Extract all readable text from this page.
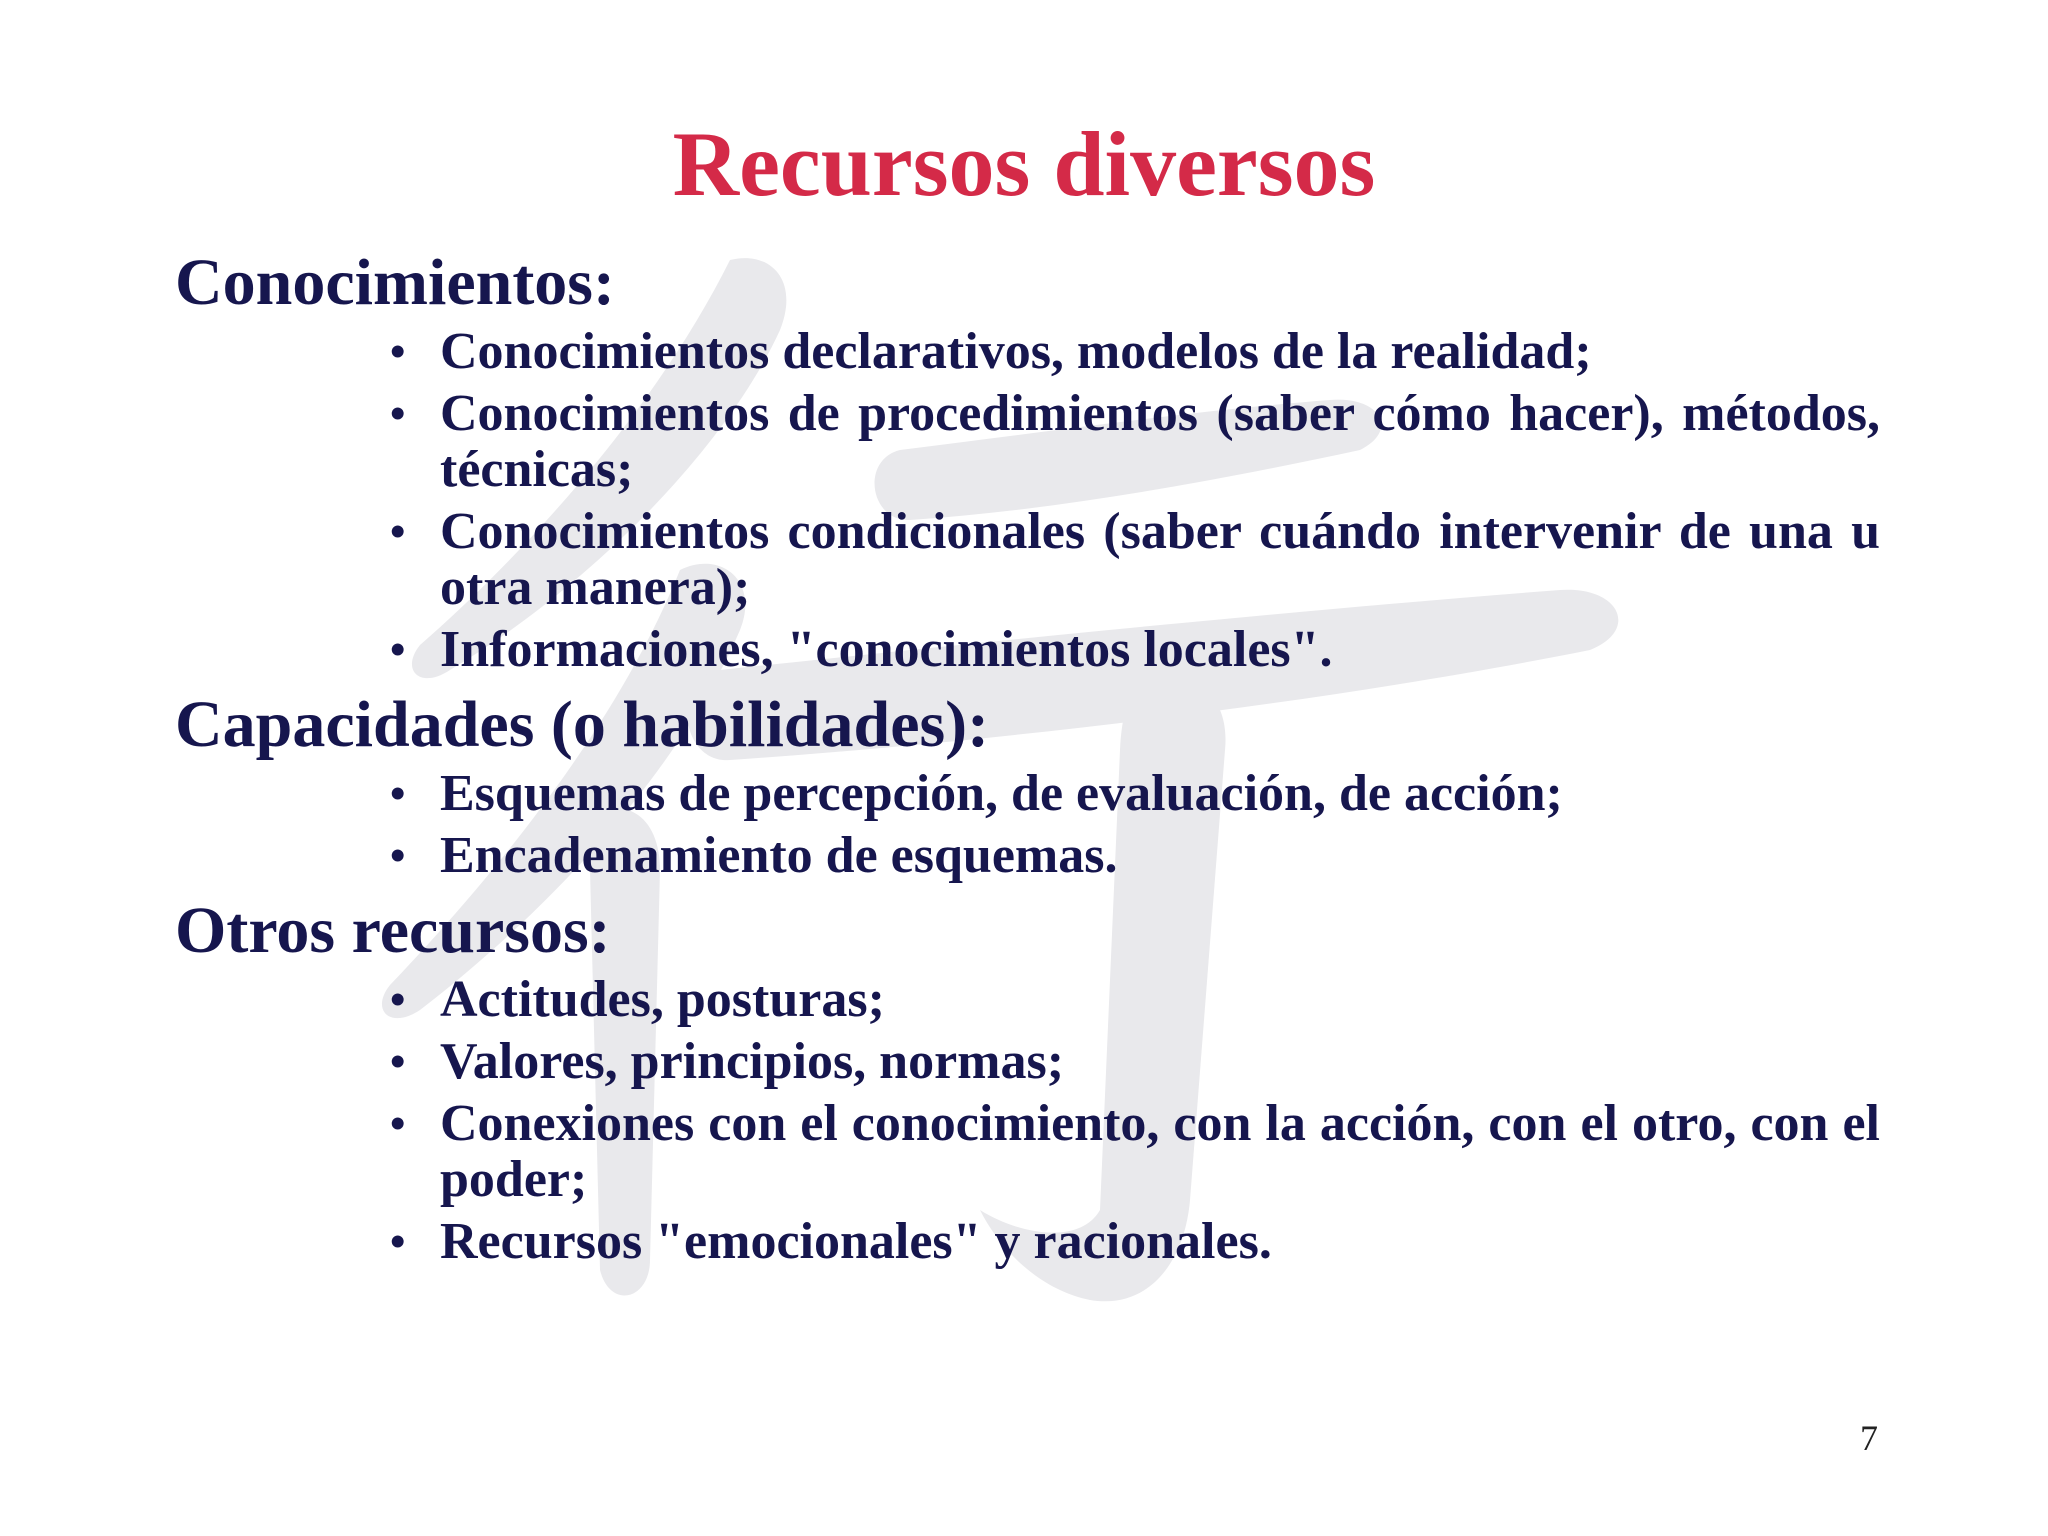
Recursos diversos
Conocimientos:
• Conocimientos declarativos, modelos de la realidad;
• Conocimientos de procedimientos (saber cómo hacer), métodos, técnicas;
• Conocimientos condicionales (saber cuándo intervenir de una u otra manera);
• Informaciones, "conocimientos locales".
Capacidades (o habilidades):
• Esquemas de percepción, de evaluación, de acción;
• Encadenamiento de esquemas.
Otros recursos:
• Actitudes, posturas;
• Valores, principios, normas;
• Conexiones con el conocimiento, con la acción, con el otro, con el poder;
• Recursos "emocionales" y racionales.
7
